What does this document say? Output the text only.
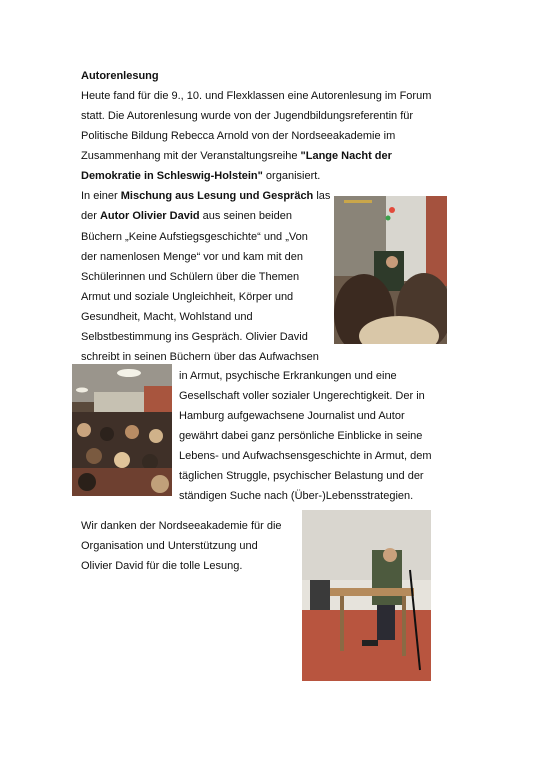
Autorenlesung
Heute fand für die 9., 10. und Flexklassen eine Autorenlesung im Forum
statt. Die Autorenlesung wurde von der Jugendbildungsreferentin für
Politische Bildung Rebecca Arnold von der Nordseeakademie im
Zusammenhang mit der Veranstaltungsreihe "Lange Nacht der
Demokratie in Schleswig-Holstein" organisiert.
In einer Mischung aus Lesung und Gespräch las
der Autor Olivier David aus seinen beiden
Büchern „Keine Aufstiegsgeschichte“ und „Von
der namenlosen Menge“ vor und kam mit den
Schülerinnen und Schülern über die Themen
Armut und soziale Ungleichheit, Körper und
Gesundheit, Macht, Wohlstand und
Selbstbestimmung ins Gespräch. Olivier David
schreibt in seinen Büchern über das Aufwachsen
in Armut, psychische Erkrankungen und eine
Gesellschaft voller sozialer Ungerechtigkeit. Der in
Hamburg aufgewachsene Journalist und Autor
gewährt dabei ganz persönliche Einblicke in seine
Lebens- und Aufwachsensgeschichte in Armut, dem
täglichen Struggle, psychischer Belastung und der
ständigen Suche nach (Über-)Lebensstrategien.
Wir danken der Nordseeakademie für die
Organisation und Unterstützung und
Olivier David für die tolle Lesung.
